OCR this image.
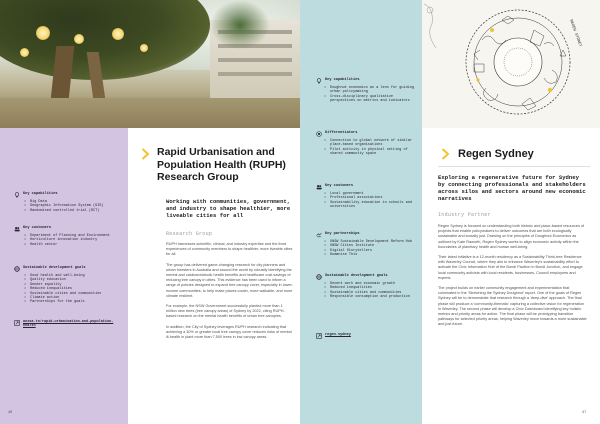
Key capabilities
• Big Data
• Geographic Information System (GIS)
• Randomised controlled trial (RCT)
Key customers
• Department of Planning and Environment
• Horticulture innovation industry
• Health sector
Sustainable development goals
• Good health and well-being
• Quality education
• Gender equality
• Reduced inequalities
• Sustainable cities and communities
• Climate action
• Partnerships for the goals
anzsa.to/rapid-urbanisation-and-population-health
Rapid Urbanisation and Population Health (RUPH) Research Group
Working with communities, government, and industry to shape healthier, more liveable cities for all
Research Group

RUPH harnesses scientific, clinical, and industry expertise and the lived experiences of community members to shape healthier, more liveable cities for all.

The group has delivered game-changing research for city planners and urban foresters in Australia and around the world by robustly identifying the mental and cardiometabolic health benefits and healthcare cost savings of reducing tree canopy in cities. This evidence has been used to inform a range of policies designed to expand tree canopy cover, especially in lower-income communities, to help make places cooler, more walkable, and more climate resilient.

For example, the NSW Government successfully planted more than 1 million new trees (tree canopy areas) of Sydney by 2022, citing RUPH-based research on the mental health benefits of urban tree canopies.

In addition, the City of Sydney leverages RUPH research indicating that achieving a 30% or greater local tree canopy cover reduces risks of mental ill-health in plant more than 7,500 trees in low canopy areas.

46
REGEN SYDNEY
Key capabilities
• Doughnut economics as a lens for guiding urban policymaking
• Cross-disciplinary qualitative perspectives on metrics and indicators
Differentiators
• Connection to global network of similar place-based organisations
• Pilot activity in physical setting of shared community space
Key customers
• Local government
• Professional associations
• Sustainability education in schools and universities
Key partnerships
• UNSW Sustainable Development Reform Hub
• UNSW Cities Institute
• Digital Storytellers
• Humanise This
Sustainable development goals
• Decent work and economic growth
• Reduced inequalities
• Sustainable cities and communities
• Responsible consumption and production
regen.sydney
Regen Sydney
Exploring a regenerative future for Sydney by connecting professionals and stakeholders across silos and sectors around new economic narratives
Industry Partner

Regen Sydney is focused on understanding both historic and place-based resources of projects that enable policymakers to deliver outcomes that are both ecologically sustainable and socially just. Drawing on the principles of Doughnut Economics as outlined by Kate Raworth, Regen Sydney works to align economic activity within the boundaries of planetary health and human well-being.

Their latest initiative is a 12-month residency as a Sustainability Think-tree Residence with Waverley Council, where they aim to enhance Waverley's sustainability effort to activate the Civic Information Hub of the Bondi Pavilion in Bondi Junction, and engage local community activists with local residents, businesses, Council employees and experts.

The project builds on earlier community engagement and experimentation that culminated in the 'Stretching the Sydney Doughnut' report. One of the goals of Regen Sydney will be to demonstrate that research through a 'deep-dive' approach. The final phase will produce a 'community-thematic' capturing a collective vision for regeneration in Waverley. The second phase will develop a Civic Dashboard identifying key holistic metrics and priority areas for action. The final phase will be prototyping transition pathways for selected priority areas, helping Waverley move towards a more sustainable and just future.

47
